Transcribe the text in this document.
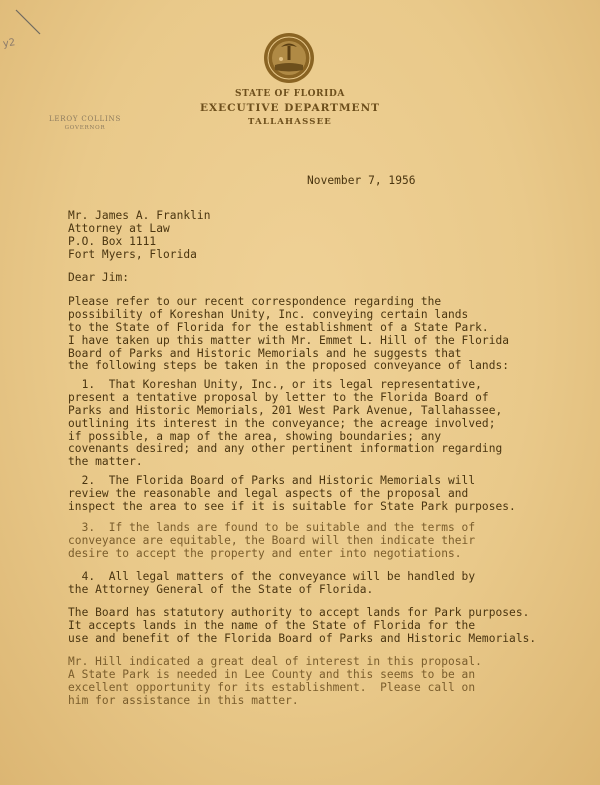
y2
STATE OF FLORIDA
EXECUTIVE DEPARTMENT
TALLAHASSEE
LEROY COLLINS
GOVERNOR
November 7, 1956
Mr. James A. Franklin
Attorney at Law
P.O. Box 1111
Fort Myers, Florida
Dear Jim:
Please refer to our recent correspondence regarding the
possibility of Koreshan Unity, Inc. conveying certain lands
to the State of Florida for the establishment of a State Park.
I have taken up this matter with Mr. Emmet L. Hill of the Florida
Board of Parks and Historic Memorials and he suggests that
the following steps be taken in the proposed conveyance of lands:
1.  That Koreshan Unity, Inc., or its legal representative,
present a tentative proposal by letter to the Florida Board of
Parks and Historic Memorials, 201 West Park Avenue, Tallahassee,
outlining its interest in the conveyance; the acreage involved;
if possible, a map of the area, showing boundaries; any
covenants desired; and any other pertinent information regarding
the matter.
2.  The Florida Board of Parks and Historic Memorials will
review the reasonable and legal aspects of the proposal and
inspect the area to see if it is suitable for State Park purposes.
3.  If the lands are found to be suitable and the terms of
conveyance are equitable, the Board will then indicate their
desire to accept the property and enter into negotiations.
4.  All legal matters of the conveyance will be handled by
the Attorney General of the State of Florida.
The Board has statutory authority to accept lands for Park purposes.
It accepts lands in the name of the State of Florida for the
use and benefit of the Florida Board of Parks and Historic Memorials.
Mr. Hill indicated a great deal of interest in this proposal.
A State Park is needed in Lee County and this seems to be an
excellent opportunity for its establishment.  Please call on
him for assistance in this matter.
